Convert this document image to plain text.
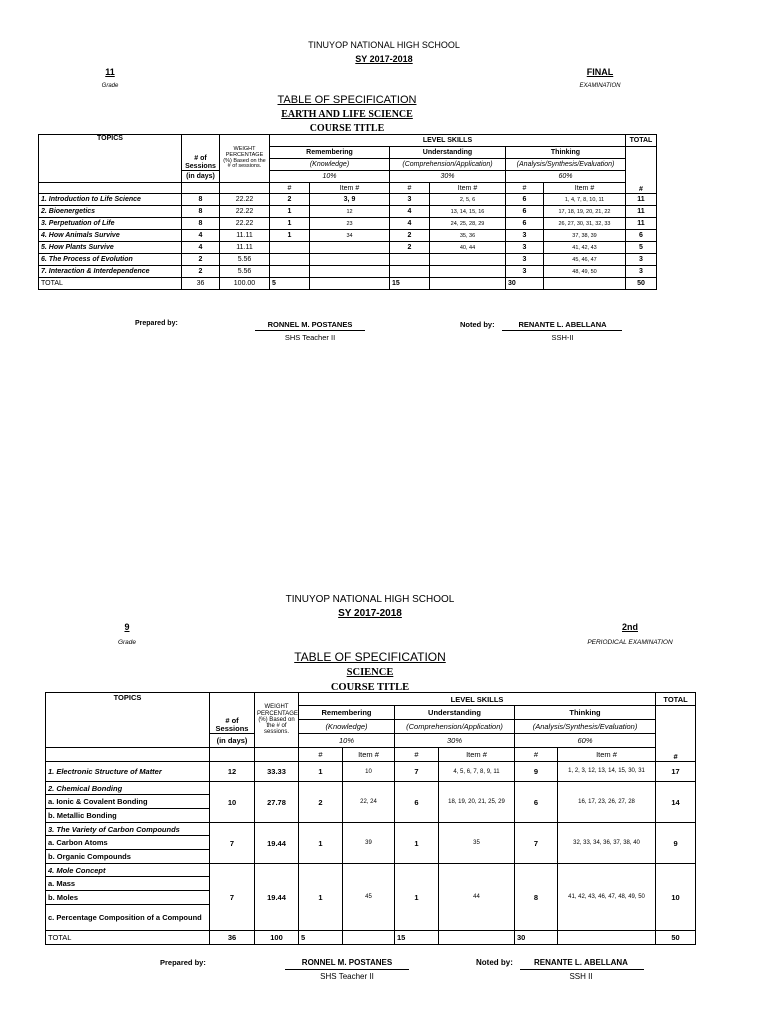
TINUYOP NATIONAL HIGH SCHOOL
SY 2017-2018
11
Grade
FINAL
EXAMINATION
TABLE OF SPECIFICATION
EARTH AND LIFE SCIENCE
COURSE TITLE
TOPICS	# of Sessions	WEIGHT PERCENTAGE (%) Based on the # of sessions.	LEVEL SKILLS						TOTAL
			Remembering		Understanding		Thinking		
			(Knowledge)		(Comprehension/Application)		(Analysis/Synthesis/Evaluation)		
	(in days)		10%		30%		60%		
			#	Item #	#	Item #	#	Item #	#
1. Introduction to Life Science	8	22.22	2	3, 9	3	2, 5, 6	6	1, 4, 7, 8, 10, 11	11
2. Bioenergetics	8	22.22	1	12	4	13, 14, 15, 16	6	17, 18, 19, 20, 21, 22	11
3. Perpetuation of Life	8	22.22	1	23	4	24, 25, 28, 29	6	26, 27, 30, 31, 32, 33	11
4. How Animals Survive	4	11.11	1	34	2	35, 36	3	37, 38, 39	6
5. How Plants Survive	4	11.11			2	40, 44	3	41, 42, 43	5
6. The Process of Evolution	2	5.56					3	45, 46, 47	3
7. Interaction & Interdependence	2	5.56					3	48, 49, 50	3
TOTAL	36	100.00	5		15		30		50
Prepared by:	RONNEL M. POSTANES
SHS Teacher II
Noted by:	RENANTE L. ABELLANA
SSH-II
TINUYOP NATIONAL HIGH SCHOOL
SY 2017-2018
9
Grade
2nd
PERIODICAL EXAMINATION
TABLE OF SPECIFICATION
SCIENCE
COURSE TITLE
TOPICS	# of Sessions	WEIGHT PERCENTAGE (%) Based on the # of sessions.	LEVEL SKILLS						TOTAL
			Remembering		Understanding		Thinking		
			(Knowledge)		(Comprehension/Application)		(Analysis/Synthesis/Evaluation)		
	(in days)		10%		30%		60%		
			#	Item #	#	Item #	#	Item #	#
1. Electronic Structure of Matter	12	33.33	1	10	7	4, 5, 6, 7, 8, 9, 11	9	1, 2, 3, 12, 13, 14, 15, 30, 31	17
2. Chemical Bonding	10	27.78	2	22, 24	6	18, 19, 20, 21, 25, 29	6	16, 17, 23, 26, 27, 28	14
a. Ionic & Covalent Bonding									
b. Metallic Bonding									
3. The Variety of Carbon Compounds	7	19.44	1	39	1	35	7	32, 33, 34, 36, 37, 38, 40	9
a. Carbon Atoms									
b. Organic Compounds									
4. Mole Concept	7	19.44	1	45	1	44	8	41, 42, 43, 46, 47, 48, 49, 50	10
a. Mass									
b. Moles									
c. Percentage Composition of a Compound									
TOTAL	36	100	5		15		30		50
Prepared by:	RONNEL M. POSTANES
SHS Teacher II
Noted by:	RENANTE L. ABELLANA
SSH II
